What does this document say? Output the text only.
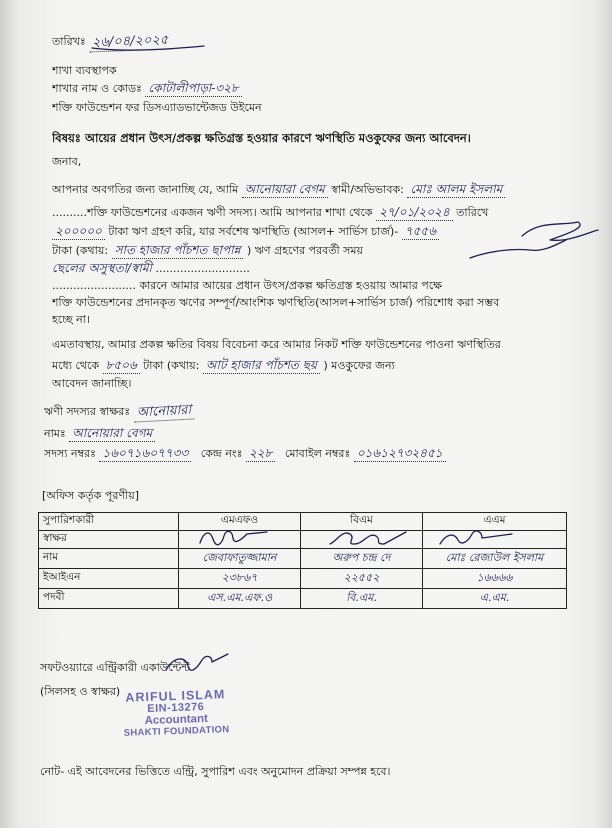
তারিখঃ ২৬/০৪/২০২৫
শাখা ব্যবস্থাপক
শাখার নাম ও কোডঃ কোটালীপাড়া-৩২৮
শক্তি ফাউন্ডেশন ফর ডিসএ্যাডভান্টেজড উইমেন
বিষয়ঃ আয়ের প্রধান উৎস/প্রকল্প ক্ষতিগ্রস্ত হওয়ার কারণে ঋণস্থিতি মওকুফের জন্য আবেদন।
জনাব,
আপনার অবগতির জন্য জানাচ্ছি যে, আমি আনোয়ারা বেগম স্বামী/অভিভাবক: মোঃ আলম ইসলাম
..........শক্তি ফাউন্ডেশনের একজন ঋণী সদস্য। আমি আপনার শাখা থেকে ২৭/০১/২০২৪ তারিখে
২০০০০০ টাকা ঋণ গ্রহণ করি, যার সর্বশেষ ঋণস্থিতি (আসল+ সার্ভিস চার্জ)- ৭৫৫৬
টাকা (কথায়: সাত হাজার পাঁচশত ছাপান্ন ) ঋণ গ্রহণের পরবর্তী সময়
ছেলের অসুস্থতা/স্বামী ...........................
........................ কারনে আমার আয়ের প্রধান উৎস/প্রকল্প ক্ষতিগ্রস্ত হওয়ায় আমার পক্ষে
শক্তি ফাউন্ডেশনের প্রদানকৃত ঋণের সম্পূর্ণ/আংশিক ঋণস্থিতি(আসল+সার্ভিস চার্জ) পরিশোধ করা সম্ভব
হচ্ছে না।
এমতাবস্থায়, আমার প্রকল্প ক্ষতির বিষয় বিবেচনা করে আমার নিকট শক্তি ফাউন্ডেশনের পাওনা ঋণস্থিতির
মধ্যে থেকে ৮৫০৬ টাকা (কথায়: আট হাজার পাঁচশত ছয় ) মওকুফের জন্য
আবেদন জানাচ্ছি।
ঋণী সদস্যর স্বাক্ষরঃ আনোয়ারা
নামঃ আনোয়ারা বেগম
সদস্য নম্বরঃ ১৬০৭১৬০৭৭৩৩ কেন্দ্র নংঃ ২২৮ মোবাইল নম্বরঃ ০১৬১২৭৩২৪৫১
[অফিস কর্তৃক পূরণীয়]
সুপারিশকারী	এমএফও	বিএম	এএম
স্বাক্ষর			
নাম	জেবাফাতুজ্জামান	অরুপ চন্দ্র দে	মোঃ রেজাউল ইসলাম
ইআইএন	২৩৮৬৭	২২৫৫২	১৬৬৬৬
পদবী	এস.এম.এফ.ও	বি.এম.	এ.এম.
সফটওয়্যারে এন্ট্রিকারী একাউন্টেন্ট
(সিলসহ ও স্বাক্ষর) ARIFUL ISLAM
EIN-13276
Accountant
SHAKTI FOUNDATION
নোট- এই আবেদনের ভিত্তিতে এন্ট্রি, সুপারিশ এবং অনুমোদন প্রক্রিয়া সম্পন্ন হবে।
